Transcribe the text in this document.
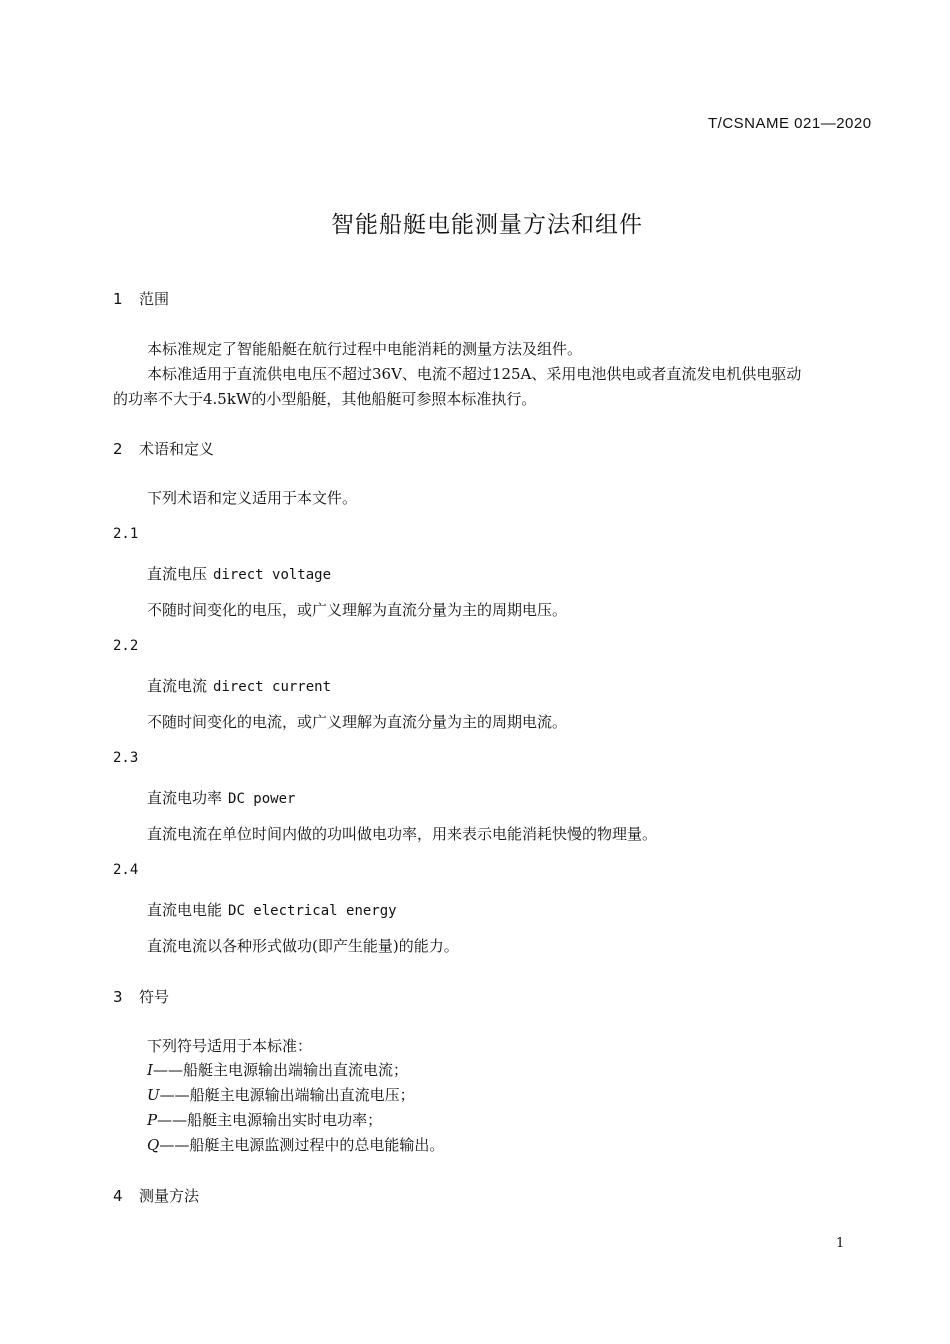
T/CSNAME 021—2020
智能船艇电能测量方法和组件
1 范围
本标准规定了智能船艇在航行过程中电能消耗的测量方法及组件。
本标准适用于直流供电电压不超过36V、电流不超过125A、采用电池供电或者直流发电机供电驱动
的功率不大于4.5kW的小型船艇，其他船艇可参照本标准执行。
2 术语和定义
下列术语和定义适用于本文件。
2.1
直流电压 direct voltage
不随时间变化的电压，或广义理解为直流分量为主的周期电压。
2.2
直流电流 direct current
不随时间变化的电流，或广义理解为直流分量为主的周期电流。
2.3
直流电功率 DC power
直流电流在单位时间内做的功叫做电功率，用来表示电能消耗快慢的物理量。
2.4
直流电电能 DC electrical energy
直流电流以各种形式做功(即产生能量)的能力。
3 符号
下列符号适用于本标准：
I——船艇主电源输出端输出直流电流；
U——船艇主电源输出端输出直流电压；
P——船艇主电源输出实时电功率；
Q——船艇主电源监测过程中的总电能输出。
4 测量方法
1
